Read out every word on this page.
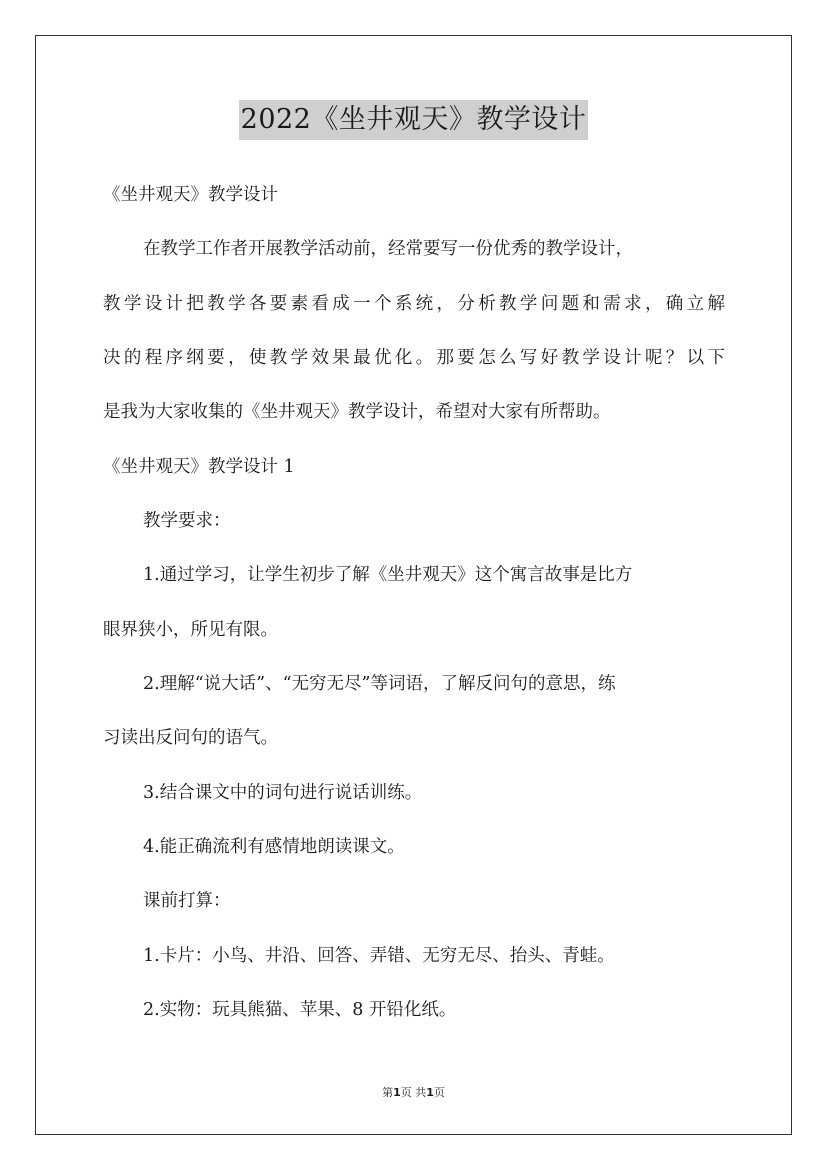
2022《坐井观天》教学设计
《坐井观天》教学设计
在教学工作者开展教学活动前，经常要写一份优秀的教学设计，
教学设计把教学各要素看成一个系统，分析教学问题和需求，确立解
决的程序纲要，使教学效果最优化。那要怎么写好教学设计呢？以下
是我为大家收集的《坐井观天》教学设计，希望对大家有所帮助。
《坐井观天》教学设计 1
教学要求：
1.通过学习，让学生初步了解《坐井观天》这个寓言故事是比方
眼界狭小，所见有限。
2.理解“说大话”、“无穷无尽”等词语，了解反问句的意思，练
习读出反问句的语气。
3.结合课文中的词句进行说话训练。
4.能正确流利有感情地朗读课文。
课前打算：
1.卡片：小鸟、井沿、回答、弄错、无穷无尽、抬头、青蛙。
2.实物：玩具熊猫、苹果、8 开铅化纸。
第1页 共1页
